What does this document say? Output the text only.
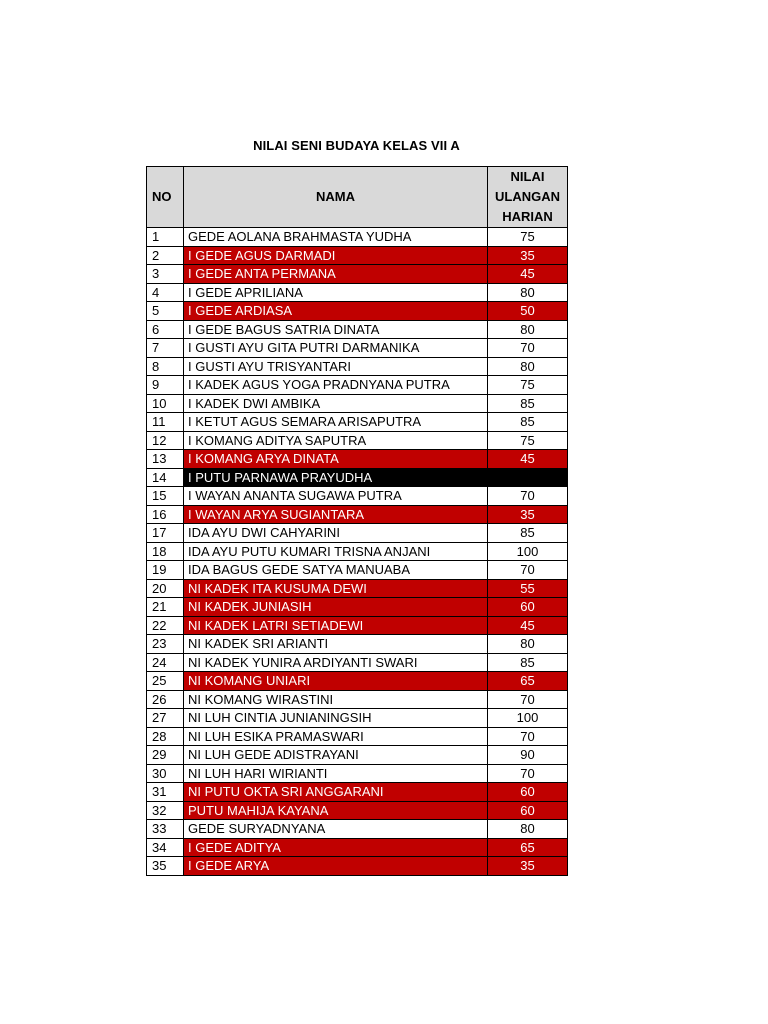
NILAI SENI BUDAYA KELAS VII A
NO	NAMA	NILAI
ULANGAN
HARIAN

1	GEDE AOLANA BRAHMASTA YUDHA	75
2	I GEDE AGUS DARMADI	35
3	I GEDE ANTA PERMANA	45
4	I GEDE APRILIANA	80
5	I GEDE ARDIASA	50
6	I GEDE BAGUS SATRIA DINATA	80
7	I GUSTI AYU GITA PUTRI DARMANIKA	70
8	I GUSTI AYU TRISYANTARI	80
9	I KADEK AGUS YOGA PRADNYANA PUTRA	75
10	I KADEK DWI AMBIKA	85
11	I KETUT AGUS SEMARA ARISAPUTRA	85
12	I KOMANG ADITYA SAPUTRA	75
13	I KOMANG ARYA DINATA	45
14	I PUTU PARNAWA PRAYUDHA	
15	I WAYAN ANANTA SUGAWA PUTRA	70
16	I WAYAN ARYA SUGIANTARA	35
17	IDA AYU DWI CAHYARINI	85
18	IDA AYU PUTU KUMARI TRISNA ANJANI	100
19	IDA BAGUS GEDE SATYA MANUABA	70
20	NI KADEK ITA KUSUMA DEWI	55
21	NI KADEK JUNIASIH	60
22	NI KADEK LATRI SETIADEWI	45
23	NI KADEK SRI ARIANTI	80
24	NI KADEK YUNIRA ARDIYANTI SWARI	85
25	NI KOMANG UNIARI	65
26	NI KOMANG WIRASTINI	70
27	NI LUH CINTIA JUNIANINGSIH	100
28	NI LUH ESIKA PRAMASWARI	70
29	NI LUH GEDE ADISTRAYANI	90
30	NI LUH HARI WIRIANTI	70
31	NI PUTU OKTA SRI ANGGARANI	60
32	PUTU MAHIJA KAYANA	60
33	GEDE SURYADNYANA	80
34	I GEDE ADITYA	65
35	I GEDE ARYA	35
